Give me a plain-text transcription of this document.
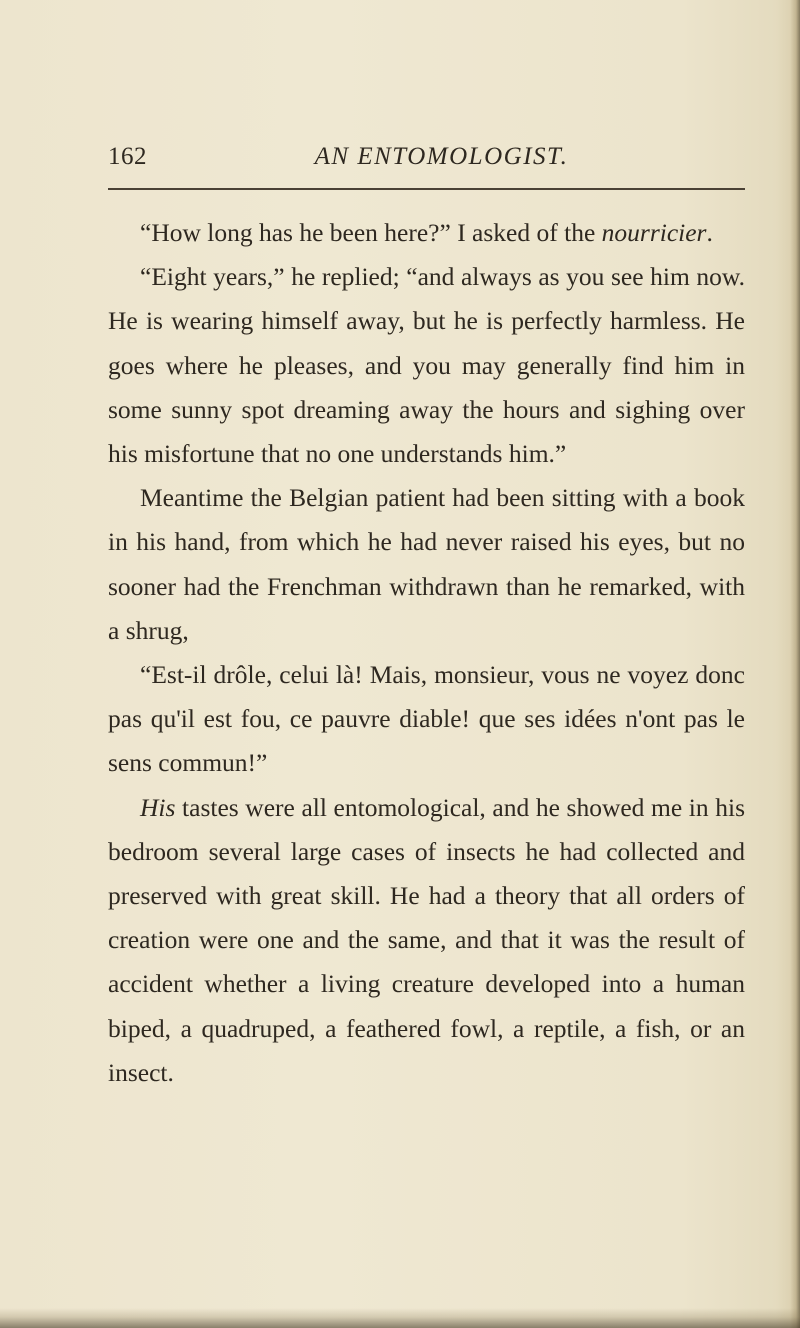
162	AN ENTOMOLOGIST.

“How long has he been here?” I asked of the nourricier.

“Eight years,” he replied; “and always as you see him now. He is wearing himself away, but he is perfectly harmless. He goes where he pleases, and you may generally find him in some sunny spot dreaming away the hours and sighing over his misfortune that no one understands him.”

Meantime the Belgian patient had been sitting with a book in his hand, from which he had never raised his eyes, but no sooner had the Frenchman withdrawn than he remarked, with a shrug,

“Est-il drôle, celui là! Mais, monsieur, vous ne voyez donc pas qu'il est fou, ce pauvre diable! que ses idées n'ont pas le sens commun!”

His tastes were all entomological, and he showed me in his bedroom several large cases of insects he had collected and preserved with great skill. He had a theory that all orders of creation were one and the same, and that it was the result of accident whether a living creature developed into a human biped, a quadruped, a feathered fowl, a reptile, a fish, or an insect.
